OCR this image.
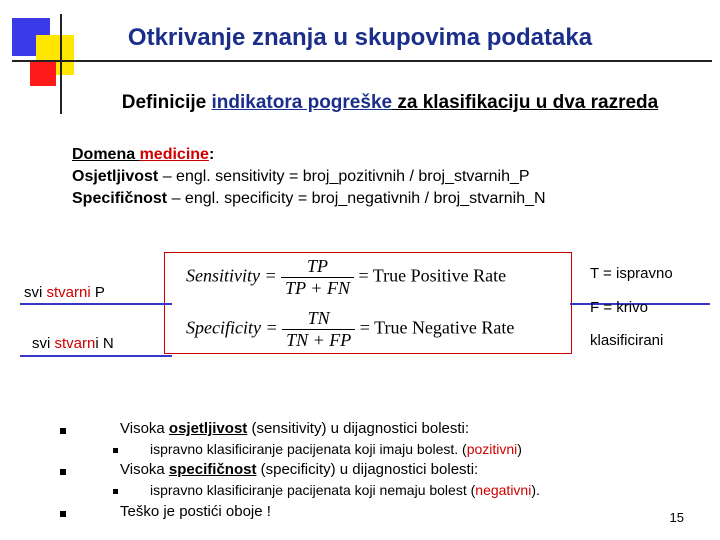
Otkrivanje znanja u skupovima podataka
Definicije indikatora pogreške za klasifikaciju u dva razreda
Domena medicine:
Osjetljivost – engl. sensitivity = broj_pozitivnih / broj_stvarnih_P
Specifičnost – engl. specificity = broj_negativnih / broj_stvarnih_N
Sensitivity = $\frac{TP}{TP + FN}$ = True Positive Rate
Specificity = $\frac{TN}{TN + FP}$ = True Negative Rate
svi stvarni P
svi stvarni N
T = ispravno
F = krivo
klasificirani
Visoka osjetljivost (sensitivity) u dijagnostici bolesti:
ispravno klasificiranje pacijenata koji imaju bolest. (pozitivni)
Visoka specifičnost (specificity) u dijagnostici bolesti:
ispravno klasificiranje pacijenata koji nemaju bolest (negativni).
Teško je postići oboje !	15
